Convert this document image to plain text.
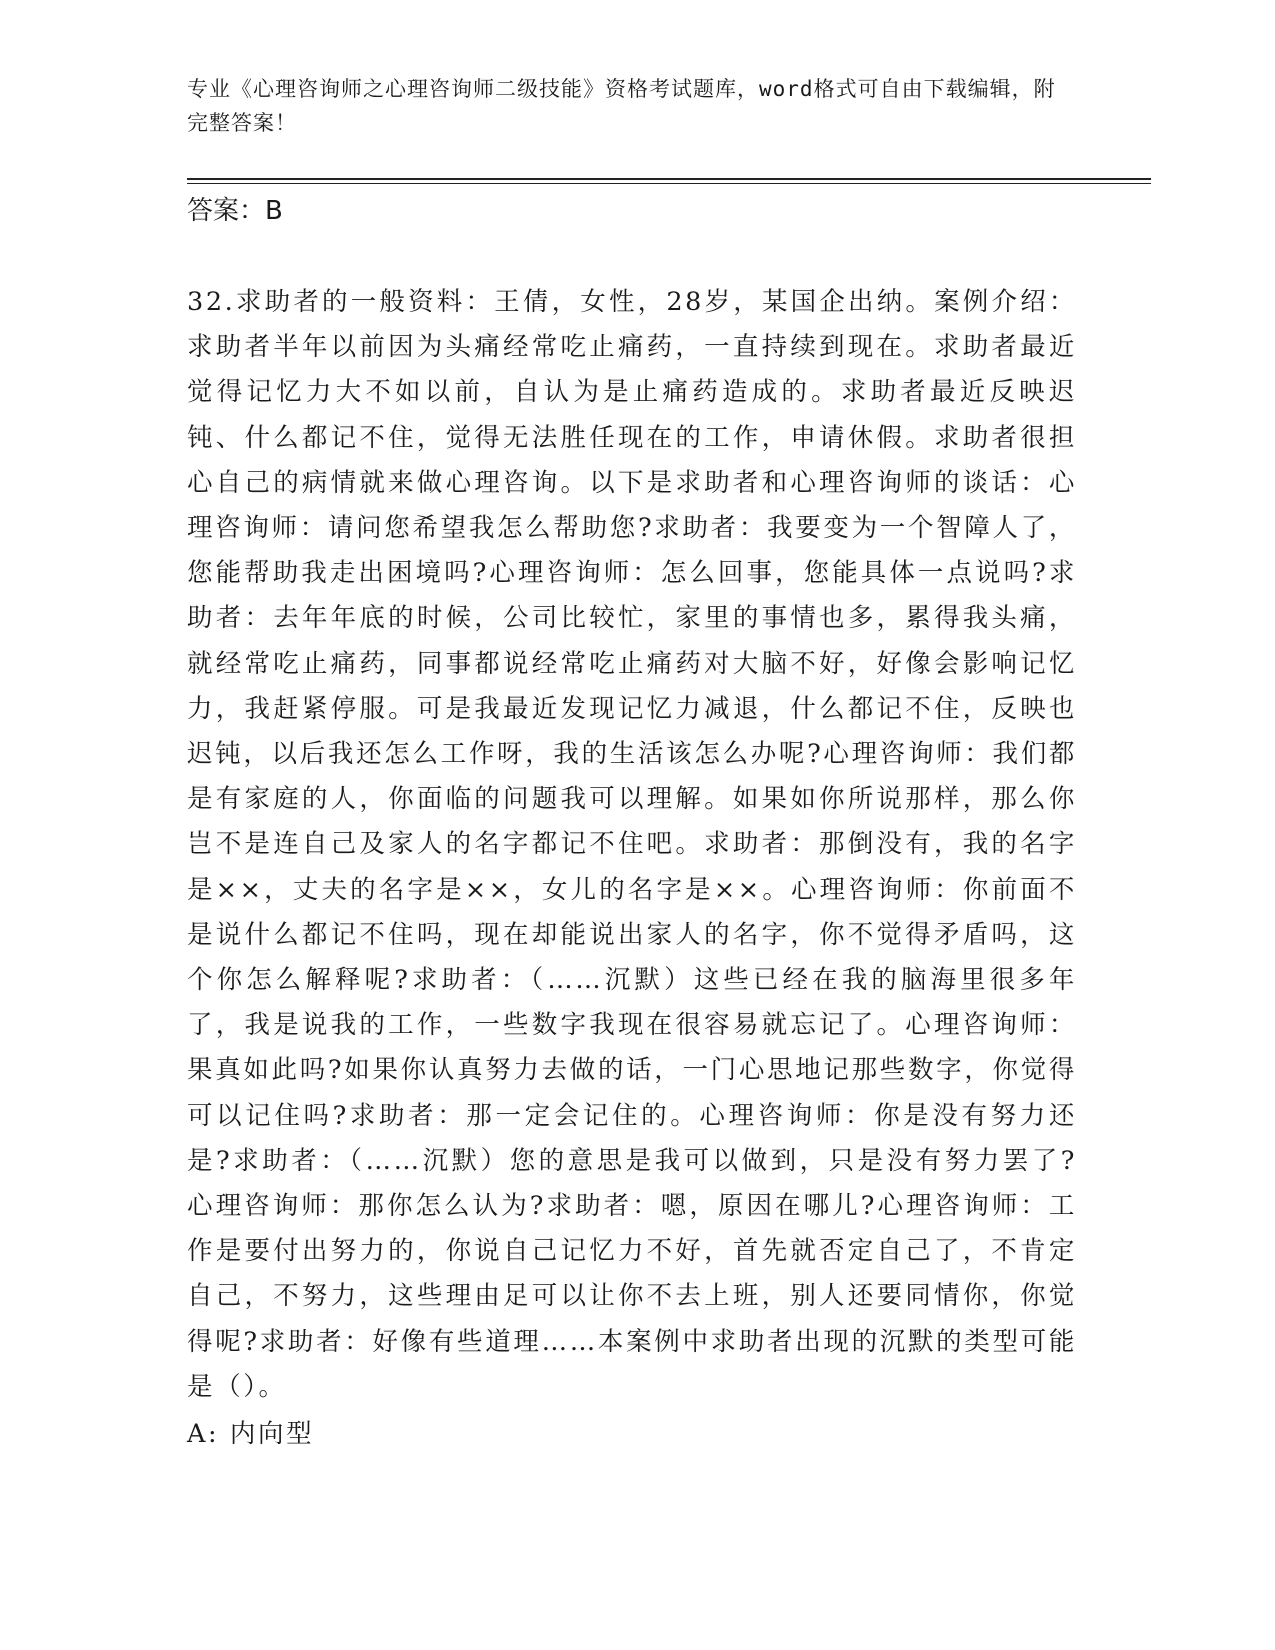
专业《心理咨询师之心理咨询师二级技能》资格考试题库，word格式可自由下载编辑，附完整答案！
答案：B
32.求助者的一般资料：王倩，女性，28岁，某国企出纳。案例介绍：求助者半年以前因为头痛经常吃止痛药，一直持续到现在。求助者最近觉得记忆力大不如以前，自认为是止痛药造成的。求助者最近反映迟钝、什么都记不住，觉得无法胜任现在的工作，申请休假。求助者很担心自己的病情就来做心理咨询。以下是求助者和心理咨询师的谈话：心理咨询师：请问您希望我怎么帮助您?求助者：我要变为一个智障人了，您能帮助我走出困境吗?心理咨询师：怎么回事，您能具体一点说吗?求助者：去年年底的时候，公司比较忙，家里的事情也多，累得我头痛，就经常吃止痛药，同事都说经常吃止痛药对大脑不好，好像会影响记忆力，我赶紧停服。可是我最近发现记忆力减退，什么都记不住，反映也迟钝，以后我还怎么工作呀，我的生活该怎么办呢?心理咨询师：我们都是有家庭的人，你面临的问题我可以理解。如果如你所说那样，那么你岂不是连自己及家人的名字都记不住吧。求助者：那倒没有，我的名字是××，丈夫的名字是××，女儿的名字是××。心理咨询师：你前面不是说什么都记不住吗，现在却能说出家人的名字，你不觉得矛盾吗，这个你怎么解释呢?求助者：（……沉默）这些已经在我的脑海里很多年了，我是说我的工作，一些数字我现在很容易就忘记了。心理咨询师：果真如此吗?如果你认真努力去做的话，一门心思地记那些数字，你觉得可以记住吗?求助者：那一定会记住的。心理咨询师：你是没有努力还是?求助者：（……沉默）您的意思是我可以做到，只是没有努力罢了?心理咨询师：那你怎么认为?求助者：嗯，原因在哪儿?心理咨询师：工作是要付出努力的，你说自己记忆力不好，首先就否定自己了，不肯定自己，不努力，这些理由足可以让你不去上班，别人还要同情你，你觉得呢?求助者：好像有些道理……本案例中求助者出现的沉默的类型可能是（）。
A: 内向型
